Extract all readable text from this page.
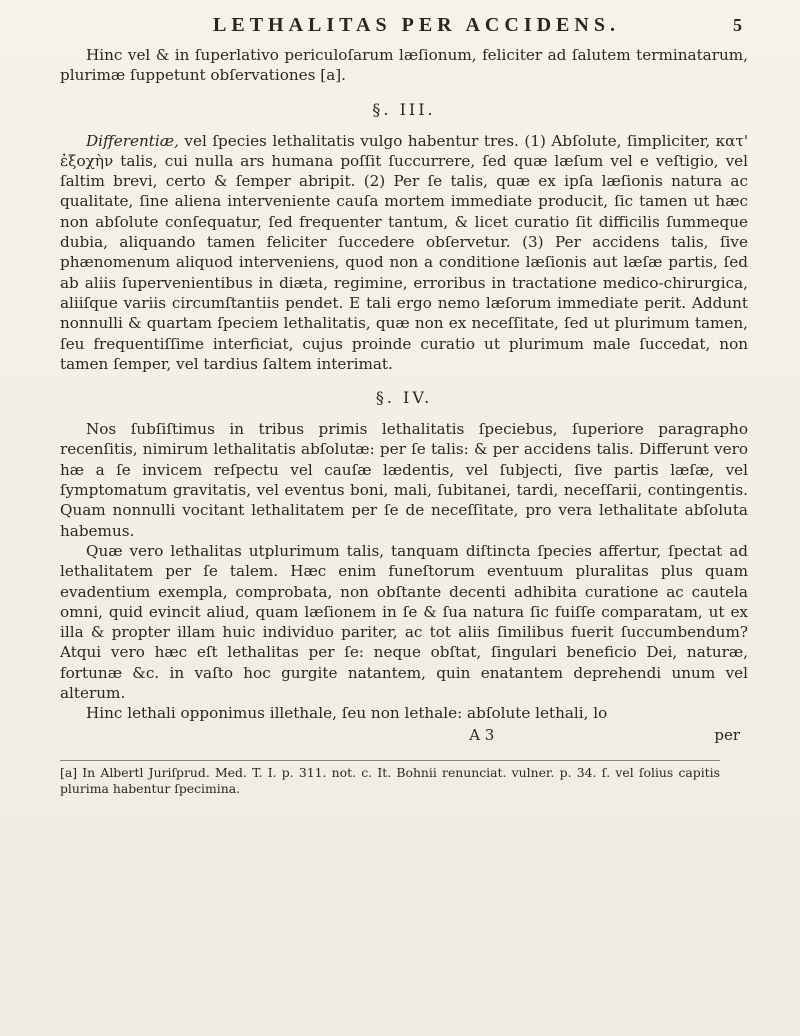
LETHALITAS PER ACCIDENS.	5

Hinc vel & in ſuperlativo periculoſarum læſionum, feliciter ad ſalutem terminatarum, plurimæ ſuppetunt obſervationes [a].

§. III.

Differentiæ, vel ſpecies lethalitatis vulgo habentur tres. (1) Abſolute, ſimpliciter, κατ' ἐξοχὴν talis, cui nulla ars humana poſſit ſuccurrere, ſed quæ læſum vel e veſtigio, vel ſaltim brevi, certo & ſemper abripit. (2) Per ſe talis, quæ ex ipſa læſionis natura ac qualitate, ſine aliena interveniente cauſa mortem immediate producit, ſic tamen ut hæc non abſolute conſequatur, ſed frequenter tantum, & licet curatio ſit difficilis ſummeque dubia, aliquando tamen feliciter ſuccedere obſervetur. (3) Per accidens talis, ſive phænomenum aliquod interveniens, quod non a conditione læſionis aut læſæ partis, ſed ab aliis ſupervenientibus in diæta, regimine, erroribus in tractatione medico-chirurgica, aliiſque variis circumſtantiis pendet. E tali ergo nemo læſorum immediate perit. Addunt nonnulli & quartam ſpeciem lethalitatis, quæ non ex neceſſitate, ſed ut plurimum tamen, ſeu frequentiſſime interficiat, cujus proinde curatio ut plurimum male ſuccedat, non tamen ſemper, vel tardius ſaltem interimat.

§. IV.

Nos ſubſiſtimus in tribus primis lethalitatis ſpeciebus, ſuperiore paragrapho recenſitis, nimirum lethalitatis abſolutæ: per ſe talis: & per accidens talis. Differunt vero hæ a ſe invicem reſpectu vel cauſæ lædentis, vel ſubjecti, ſive partis læſæ, vel ſymptomatum gravitatis, vel eventus boni, mali, ſubitanei, tardi, neceſſarii, contingentis. Quam nonnulli vocitant lethalitatem per ſe de neceſſitate, pro vera lethalitate abſoluta habemus.

Quæ vero lethalitas utplurimum talis, tanquam diſtincta ſpecies affertur, ſpectat ad lethalitatem per ſe talem. Hæc enim funeſtorum eventuum pluralitas plus quam evadentium exempla, comprobata, non obſtante decenti adhibita curatione ac cautela omni, quid evincit aliud, quam læſionem in ſe & ſua natura ſic fuiſſe comparatam, ut ex illa & propter illam huic individuo pariter, ac tot aliis ſimilibus fuerit ſuccumbendum? Atqui vero hæc eſt lethalitas per ſe: neque obſtat, ſingulari beneficio Dei, naturæ, fortunæ &c. in vaſto hoc gurgite natantem, quin enatantem deprehendi unum vel alterum.

Hinc lethali opponimus illethale, ſeu non lethale: abſolute lethali, lo

A 3	per

[a] In Albertl Juriſprud. Med. T. I. p. 311. not. c. It. Bohnii renunciat. vulner. p. 34. ſ. vel ſolius capitis plurima habentur ſpecimina.
